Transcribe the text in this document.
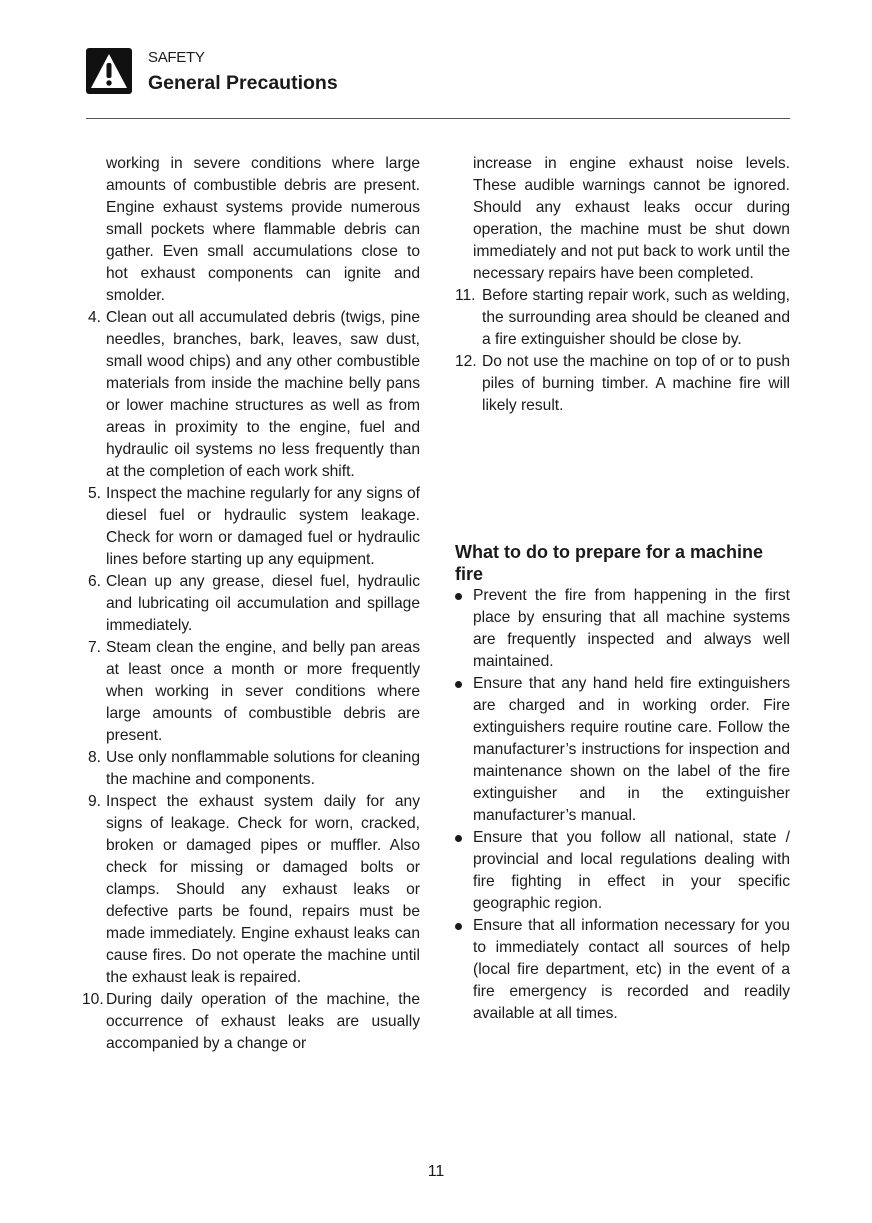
SAFETY
General Precautions

working in severe conditions where large amounts of combustible debris are present. Engine exhaust systems provide numerous small pockets where flammable debris can gather. Even small accumulations close to hot exhaust components can ignite and smolder.

4. Clean out all accumulated debris (twigs, pine needles, branches, bark, leaves, saw dust, small wood chips) and any other combustible materials from inside the machine belly pans or lower machine structures as well as from areas in proximity to the engine, fuel and hydraulic oil systems no less frequently than at the completion of each work shift.

5. Inspect the machine regularly for any signs of diesel fuel or hydraulic system leakage. Check for worn or damaged fuel or hydraulic lines before starting up any equipment.

6. Clean up any grease, diesel fuel, hydraulic and lubricating oil accumulation and spillage immediately.

7. Steam clean the engine, and belly pan areas at least once a month or more frequently when working in sever conditions where large amounts of combustible debris are present.

8. Use only nonflammable solutions for cleaning the machine and components.

9. Inspect the exhaust system daily for any signs of leakage. Check for worn, cracked, broken or damaged pipes or muffler. Also check for missing or damaged bolts or clamps. Should any exhaust leaks or defective parts be found, repairs must be made immediately. Engine exhaust leaks can cause fires. Do not operate the machine until the exhaust leak is repaired.

10. During daily operation of the machine, the occurrence of exhaust leaks are usually accompanied by a change or

increase in engine exhaust noise levels. These audible warnings cannot be ignored. Should any exhaust leaks occur during operation, the machine must be shut down immediately and not put back to work until the necessary repairs have been completed.

11. Before starting repair work, such as welding, the surrounding area should be cleaned and a fire extinguisher should be close by.

12. Do not use the machine on top of or to push piles of burning timber. A machine fire will likely result.

What to do to prepare for a machine fire

Prevent the fire from happening in the first place by ensuring that all machine systems are frequently inspected and always well maintained.

Ensure that any hand held fire extinguishers are charged and in working order. Fire extinguishers require routine care. Follow the manufacturer’s instructions for inspection and maintenance shown on the label of the fire extinguisher and in the extinguisher manufacturer’s manual.

Ensure that you follow all national, state / provincial and local regulations dealing with fire fighting in effect in your specific geographic region.

Ensure that all information necessary for you to immediately contact all sources of help (local fire department, etc) in the event of a fire emergency is recorded and readily available at all times.

11
